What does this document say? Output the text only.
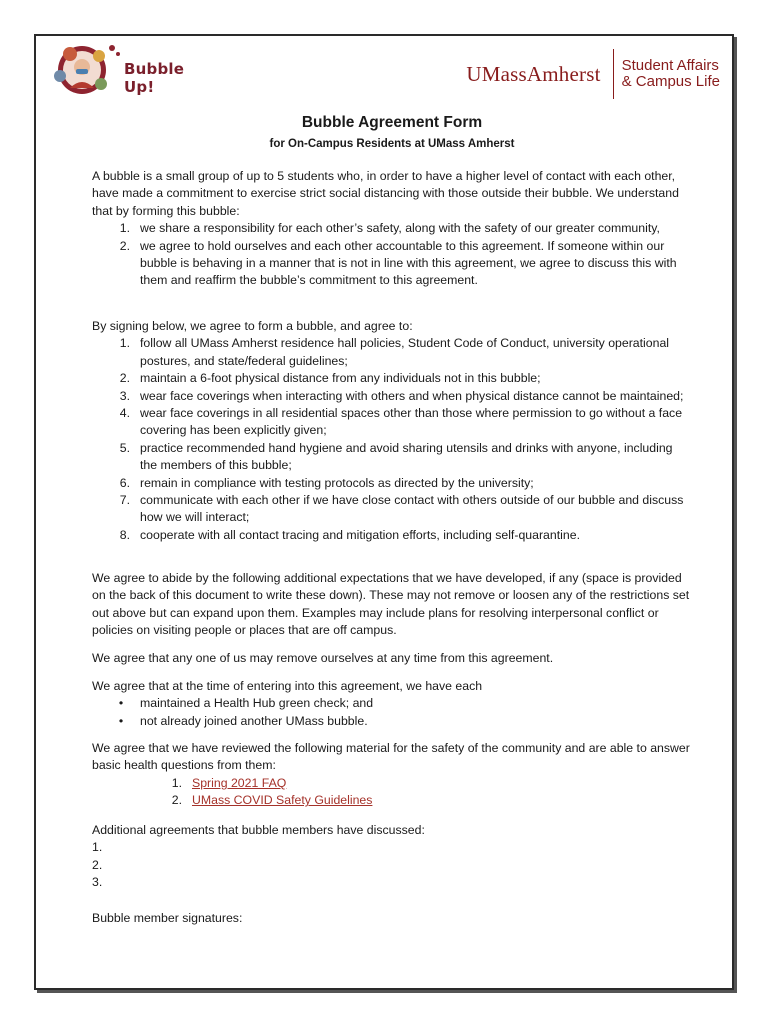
Bubble Up!
UMassAmherst Student Affairs
& Campus Life
Bubble Agreement Form
for On-Campus Residents at UMass Amherst

A bubble is a small group of up to 5 students who, in order to have a higher level of contact with each other, have made a commitment to exercise strict social distancing with those outside their bubble. We understand that by forming this bubble:

1. we share a responsibility for each other’s safety, along with the safety of our greater community,
2. we agree to hold ourselves and each other accountable to this agreement. If someone within our bubble is behaving in a manner that is not in line with this agreement, we agree to discuss this with them and reaffirm the bubble’s commitment to this agreement.

By signing below, we agree to form a bubble, and agree to:

1. follow all UMass Amherst residence hall policies, Student Code of Conduct, university operational postures, and state/federal guidelines;
2. maintain a 6-foot physical distance from any individuals not in this bubble;
3. wear face coverings when interacting with others and when physical distance cannot be maintained;
4. wear face coverings in all residential spaces other than those where permission to go without a face covering has been explicitly given;
5. practice recommended hand hygiene and avoid sharing utensils and drinks with anyone, including the members of this bubble;
6. remain in compliance with testing protocols as directed by the university;
7. communicate with each other if we have close contact with others outside of our bubble and discuss how we will interact;
8. cooperate with all contact tracing and mitigation efforts, including self-quarantine.

We agree to abide by the following additional expectations that we have developed, if any (space is provided on the back of this document to write these down). These may not remove or loosen any of the restrictions set out above but can expand upon them. Examples may include plans for resolving interpersonal conflict or policies on visiting people or places that are off campus.

We agree that any one of us may remove ourselves at any time from this agreement.

We agree that at the time of entering into this agreement, we have each

•	maintained a Health Hub green check; and
•	not already joined another UMass bubble.

We agree that we have reviewed the following material for the safety of the community and are able to answer basic health questions from them:

1. Spring 2021 FAQ
2. UMass COVID Safety Guidelines

Additional agreements that bubble members have discussed:

1.

2.

3.

Bubble member signatures:
